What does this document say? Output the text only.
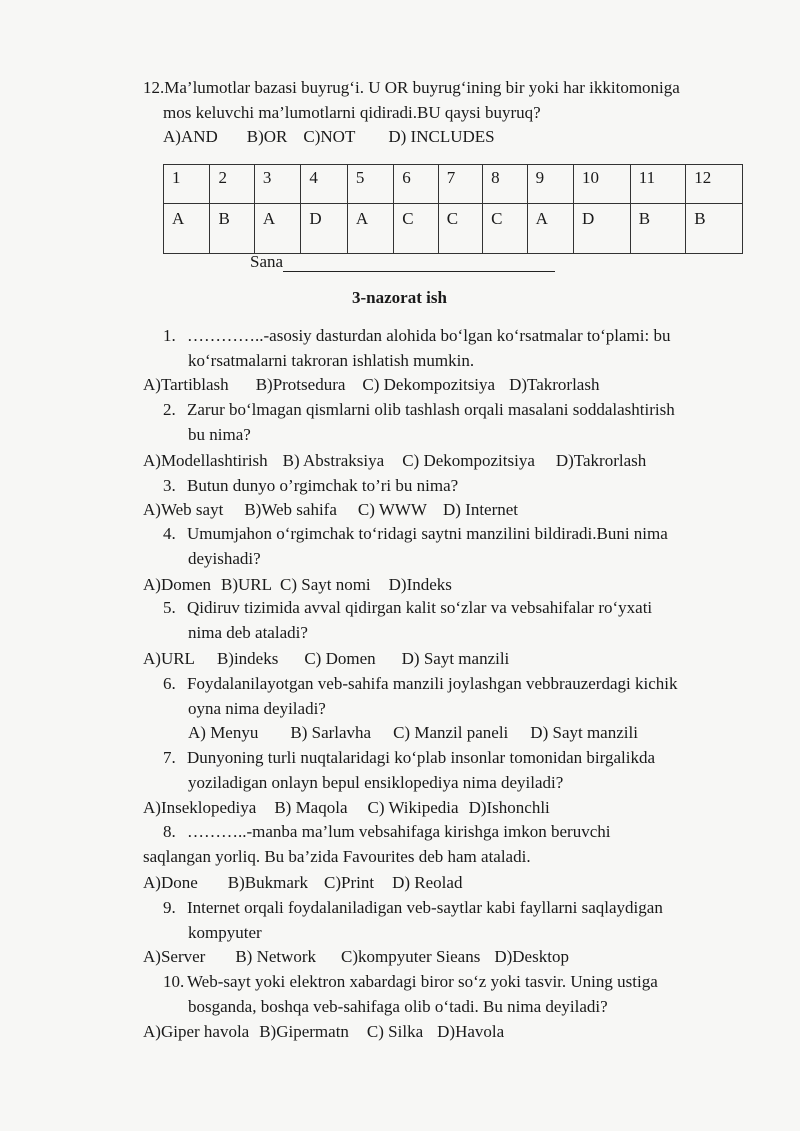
12.Ma’lumotlar bazasi buyrug‘i. U OR buyrug‘ining bir yoki har ikkitomoniga
mos keluvchi ma’lumotlarni qidiradi.BU qaysi buyruq?
A)AND B)OR C)NOT D) INCLUDES
1	2	3	4	5	6	7	8	9	10	11	12
A	B	A	D	A	C	C	C	A	D	B	B
Sana
3-nazorat ish
1. …………..-asosiy dasturdan alohida bo‘lgan ko‘rsatmalar to‘plami: bu
ko‘rsatmalarni takroran ishlatish mumkin.
A)Tartiblash B)Protsedura C) Dekompozitsiya D)Takrorlash
2. Zarur bo‘lmagan qismlarni olib tashlash orqali masalani soddalashtirish
bu nima?
A)Modellashtirish B) Abstraksiya C) Dekompozitsiya D)Takrorlash
3. Butun dunyo o’rgimchak to’ri bu nima?
A)Web sayt B)Web sahifa C) WWW D) Internet
4. Umumjahon o‘rgimchak to‘ridagi saytni manzilini bildiradi.Buni nima
deyishadi?
A)Domen B)URL C) Sayt nomi D)Indeks
5. Qidiruv tizimida avval qidirgan kalit so‘zlar va vebsahifalar ro‘yxati
nima deb ataladi?
A)URL B)indeks C) Domen D) Sayt manzili
6. Foydalanilayotgan veb-sahifa manzili joylashgan vebbrauzerdagi kichik
oyna nima deyiladi?
A) Menyu B) Sarlavha C) Manzil paneli D) Sayt manzili
7. Dunyoning turli nuqtalaridagi ko‘plab insonlar tomonidan birgalikda
yoziladigan onlayn bepul ensiklopediya nima deyiladi?
A)Inseklopediya B) Maqola C) Wikipedia D)Ishonchli
8. ………..-manba ma’lum vebsahifaga kirishga imkon beruvchi
saqlangan yorliq. Bu ba’zida Favourites deb ham ataladi.
A)Done B)Bukmark C)Print D) Reolad
9. Internet orqali foydalaniladigan veb-saytlar kabi fayllarni saqlaydigan
kompyuter
A)Server B) Network C)kompyuter Sieans D)Desktop
10. Web-sayt yoki elektron xabardagi biror so‘z yoki tasvir. Uning ustiga
bosganda, boshqa veb-sahifaga olib o‘tadi. Bu nima deyiladi?
A)Giper havola B)Gipermatn C) Silka D)Havola
